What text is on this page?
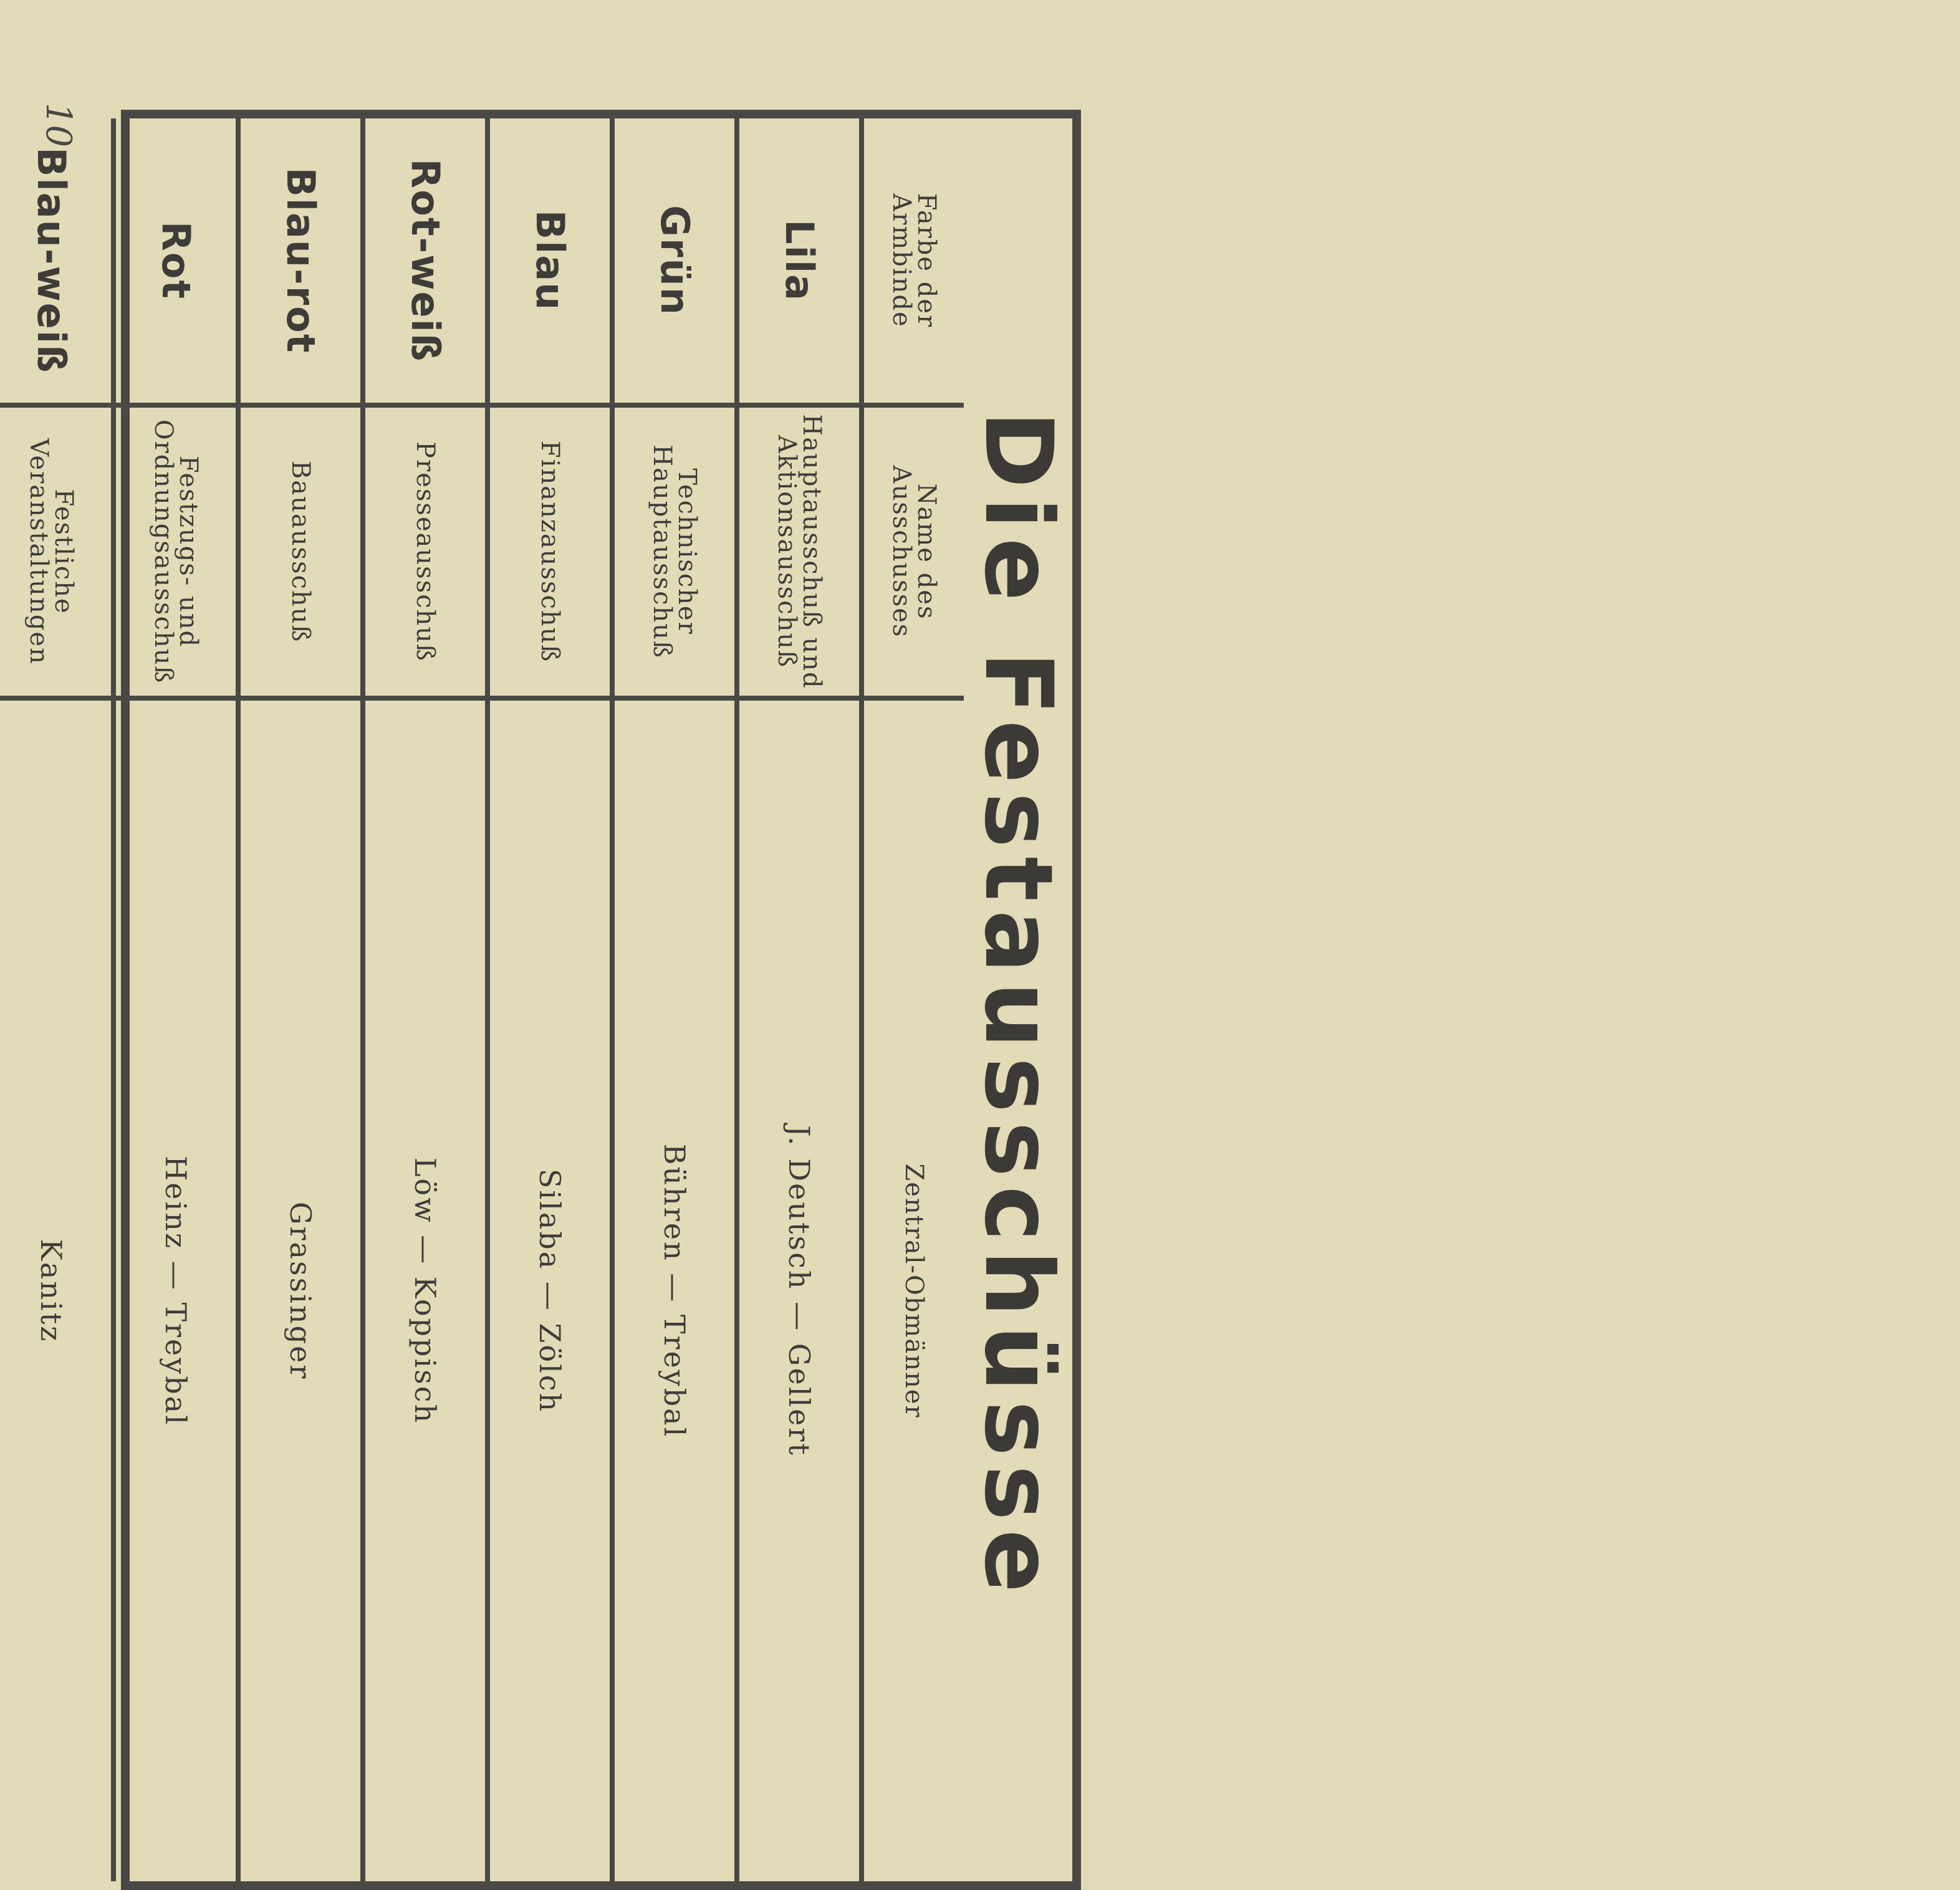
10
Die Festausschüsse
Farbe der Armbinde	Name des Ausschusses	Zentral-Obmänner
Lila	Hauptausschuß und Aktionsausschuß	J. Deutsch — Gellert
Grün	Technischer Hauptausschuß	Bühren — Treybal
Blau	Finanzausschuß	Silaba — Zölch
Rot-weiß	Presseausschuß	Löw — Koppisch
Blau-rot	Bauausschuß	Grassinger
Rot	Festzugs- und Ordnungsausschuß	Heinz — Treybal
Blau-weiß	Festliche Veranstaltungen	Kanitz
